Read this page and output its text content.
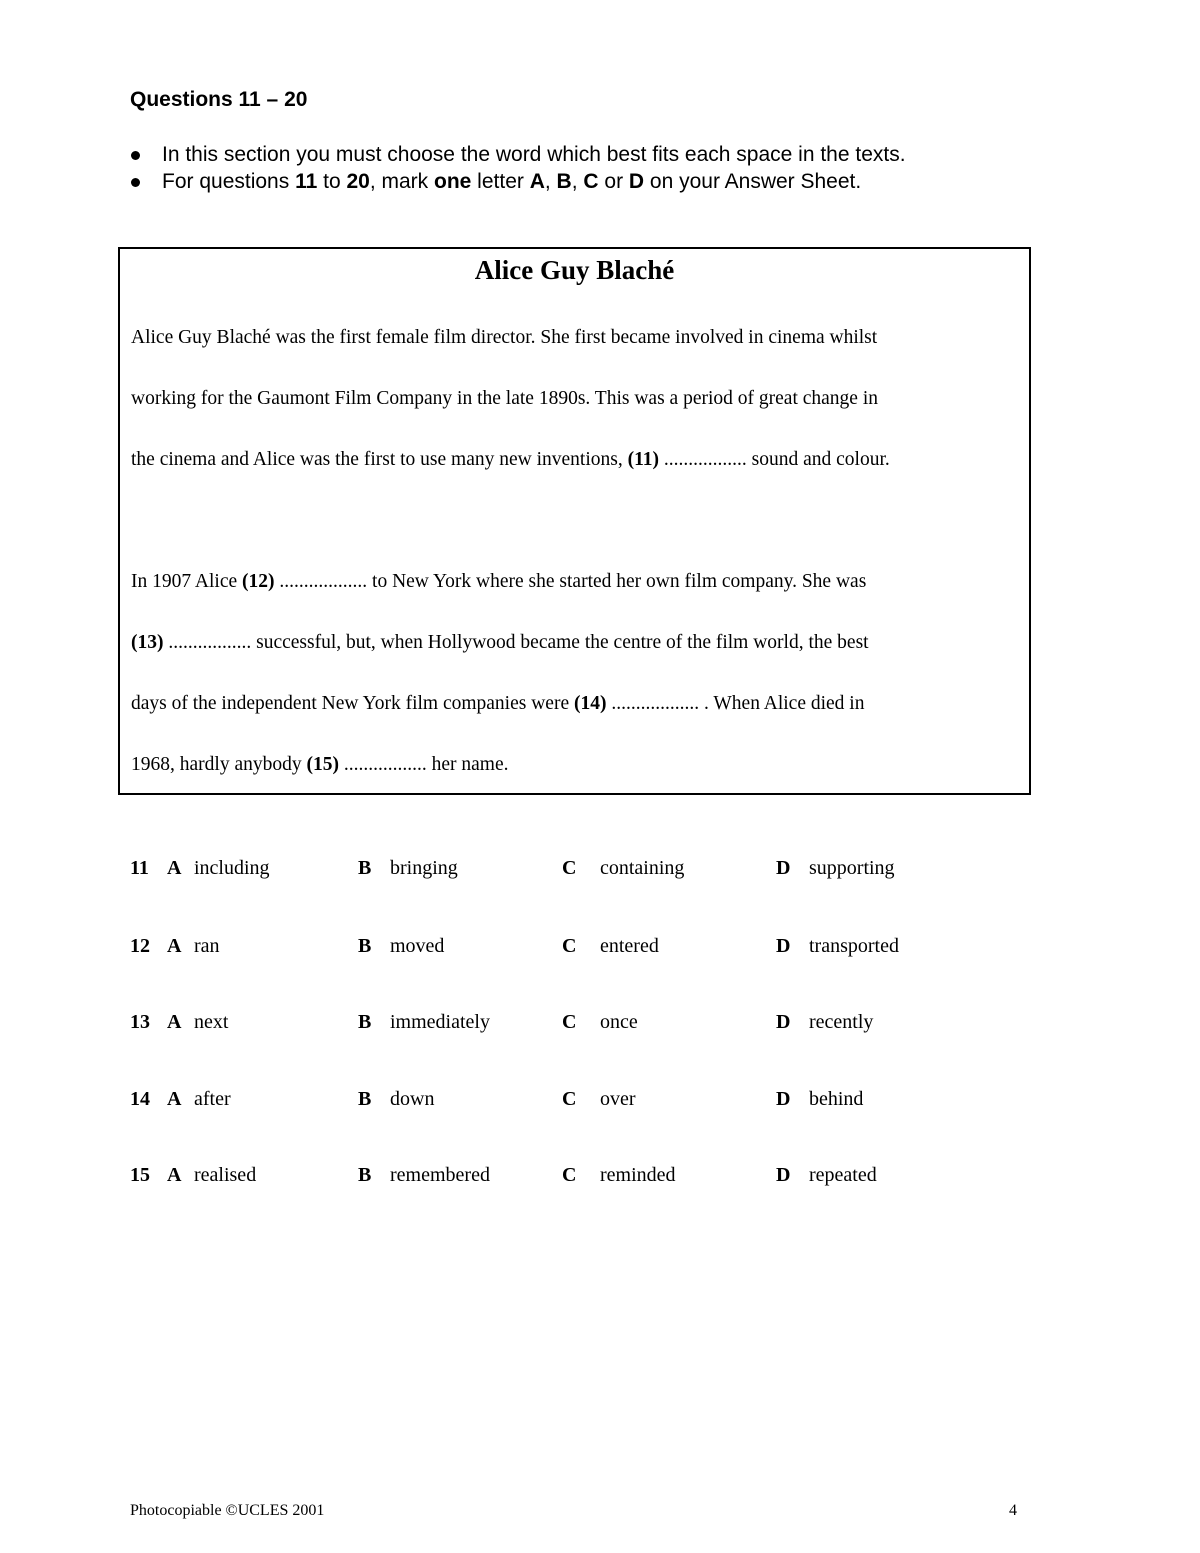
Questions 11 – 20
In this section you must choose the word which best fits each space in the texts.
For questions 11 to 20, mark one letter A, B, C or D on your Answer Sheet.
Alice Guy Blaché
Alice Guy Blaché was the first female film director. She first became involved in cinema whilst
working for the Gaumont Film Company in the late 1890s. This was a period of great change in
the cinema and Alice was the first to use many new inventions, (11) ................. sound and colour.
In 1907 Alice (12) .................. to New York where she started her own film company. She was
(13) ................. successful, but, when Hollywood became the centre of the film world, the best
days of the independent New York film companies were (14) .................. . When Alice died in
1968, hardly anybody (15) ................. her name.
11 A including	B bringing	C containing	D supporting
12 A ran	B moved	C entered	D transported
13 A next	B immediately	C once	D recently
14 A after	B down	C over	D behind
15 A realised	B remembered	C reminded	D repeated
Photocopiable ©UCLES 2001	4
